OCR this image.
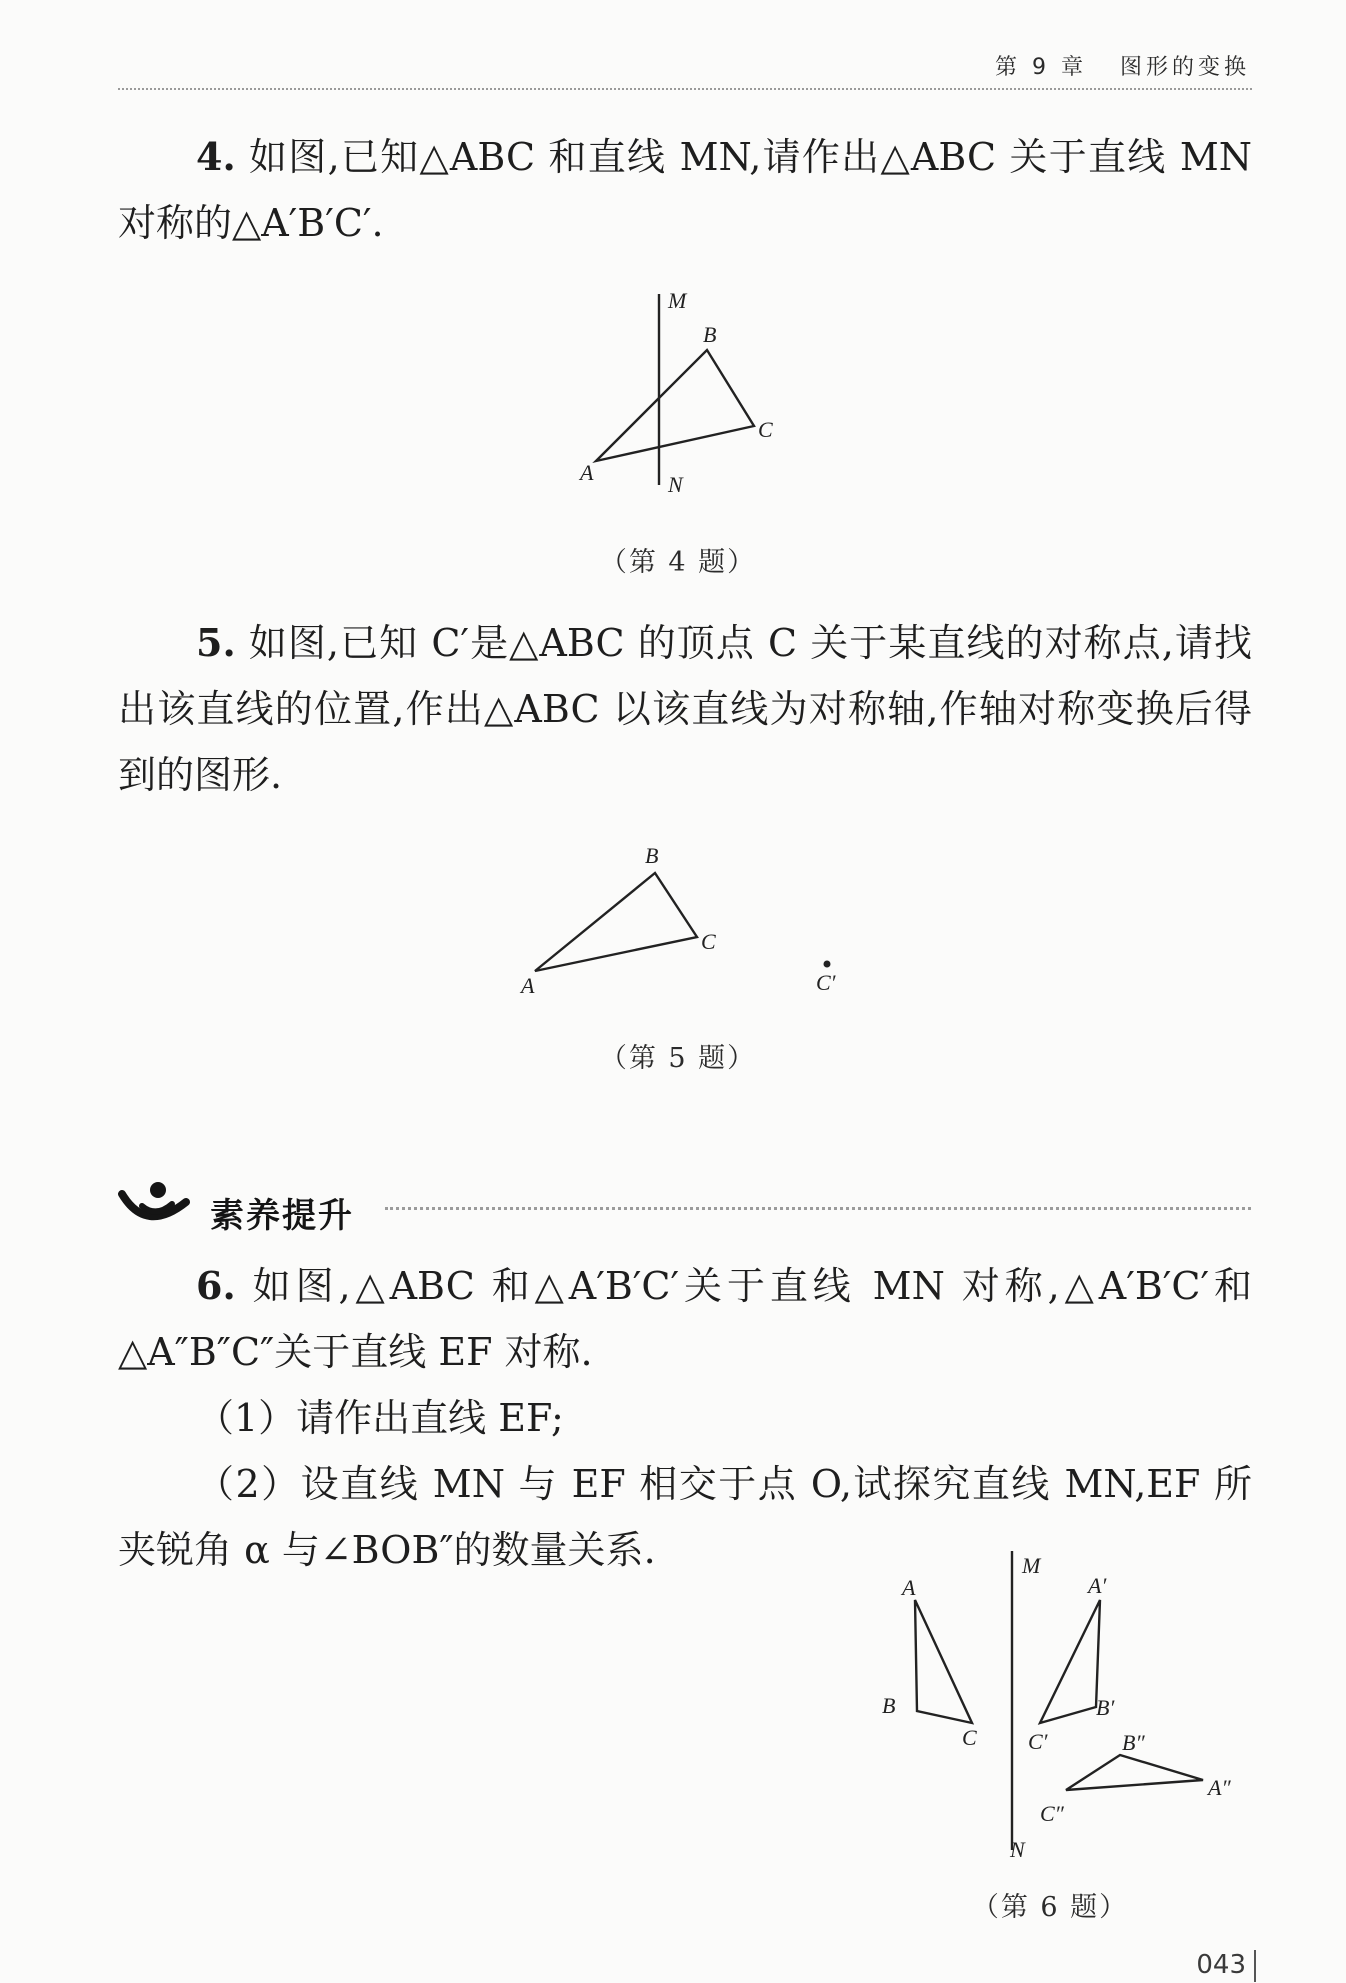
第 9 章 图形的变换
4. 如图,已知△ABC 和直线 MN,请作出△ABC 关于直线 MN 对称的△A′B′C′.
M
N
B
C
A
（第 4 题）
5. 如图,已知 C′是△ABC 的顶点 C 关于某直线的对称点,请找出该直线的位置,作出△ABC 以该直线为对称轴,作轴对称变换后得到的图形.
B
C
A	C′
（第 5 题）
素养提升
6. 如图,△ABC 和△A′B′C′关于直线 MN 对称,△A′B′C′和△A″B″C″关于直线 EF 对称.
（1）请作出直线 EF;
（2）设直线 MN 与 EF 相交于点 O,试探究直线 MN,EF 所夹锐角 α 与∠BOB″的数量关系.	M
N
A
B
C
A′
B′
C′	B″
A″
C″
（第 6 题）
043
